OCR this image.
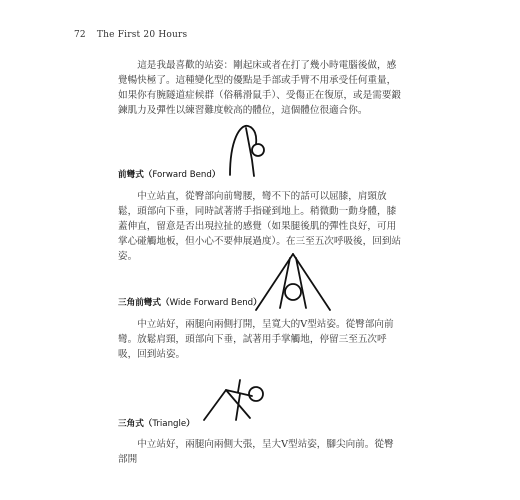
72 The First 20 Hours

這是我最喜歡的站姿：剛起床或者在打了幾小時電腦後做，感覺暢快極了。這種變化型的優點是手部或手臂不用承受任何重量，如果你有腕隧道症候群（俗稱滑鼠手）、受傷正在復原，或是需要鍛鍊肌力及彈性以練習難度較高的體位，這個體位很適合你。

前彎式（Forward Bend）

中立站直，從臀部向前彎腰，彎不下的話可以屈膝，肩頸放鬆，頭部向下垂，同時試著將手指碰到地上。稍微動一動身體，膝蓋伸直，留意是否出現拉扯的感覺（如果腿後肌的彈性良好，可用掌心碰觸地板，但小心不要伸展過度）。在三至五次呼吸後，回到站姿。

三角前彎式（Wide Forward Bend）

中立站好，兩腿向兩側打開，呈寬大的V型站姿。從臀部向前彎。放鬆肩頸，頭部向下垂，試著用手掌觸地，停留三至五次呼吸，回到站姿。

三角式（Triangle）

中立站好，兩腿向兩側大張，呈大V型站姿，腳尖向前。從臀部開
